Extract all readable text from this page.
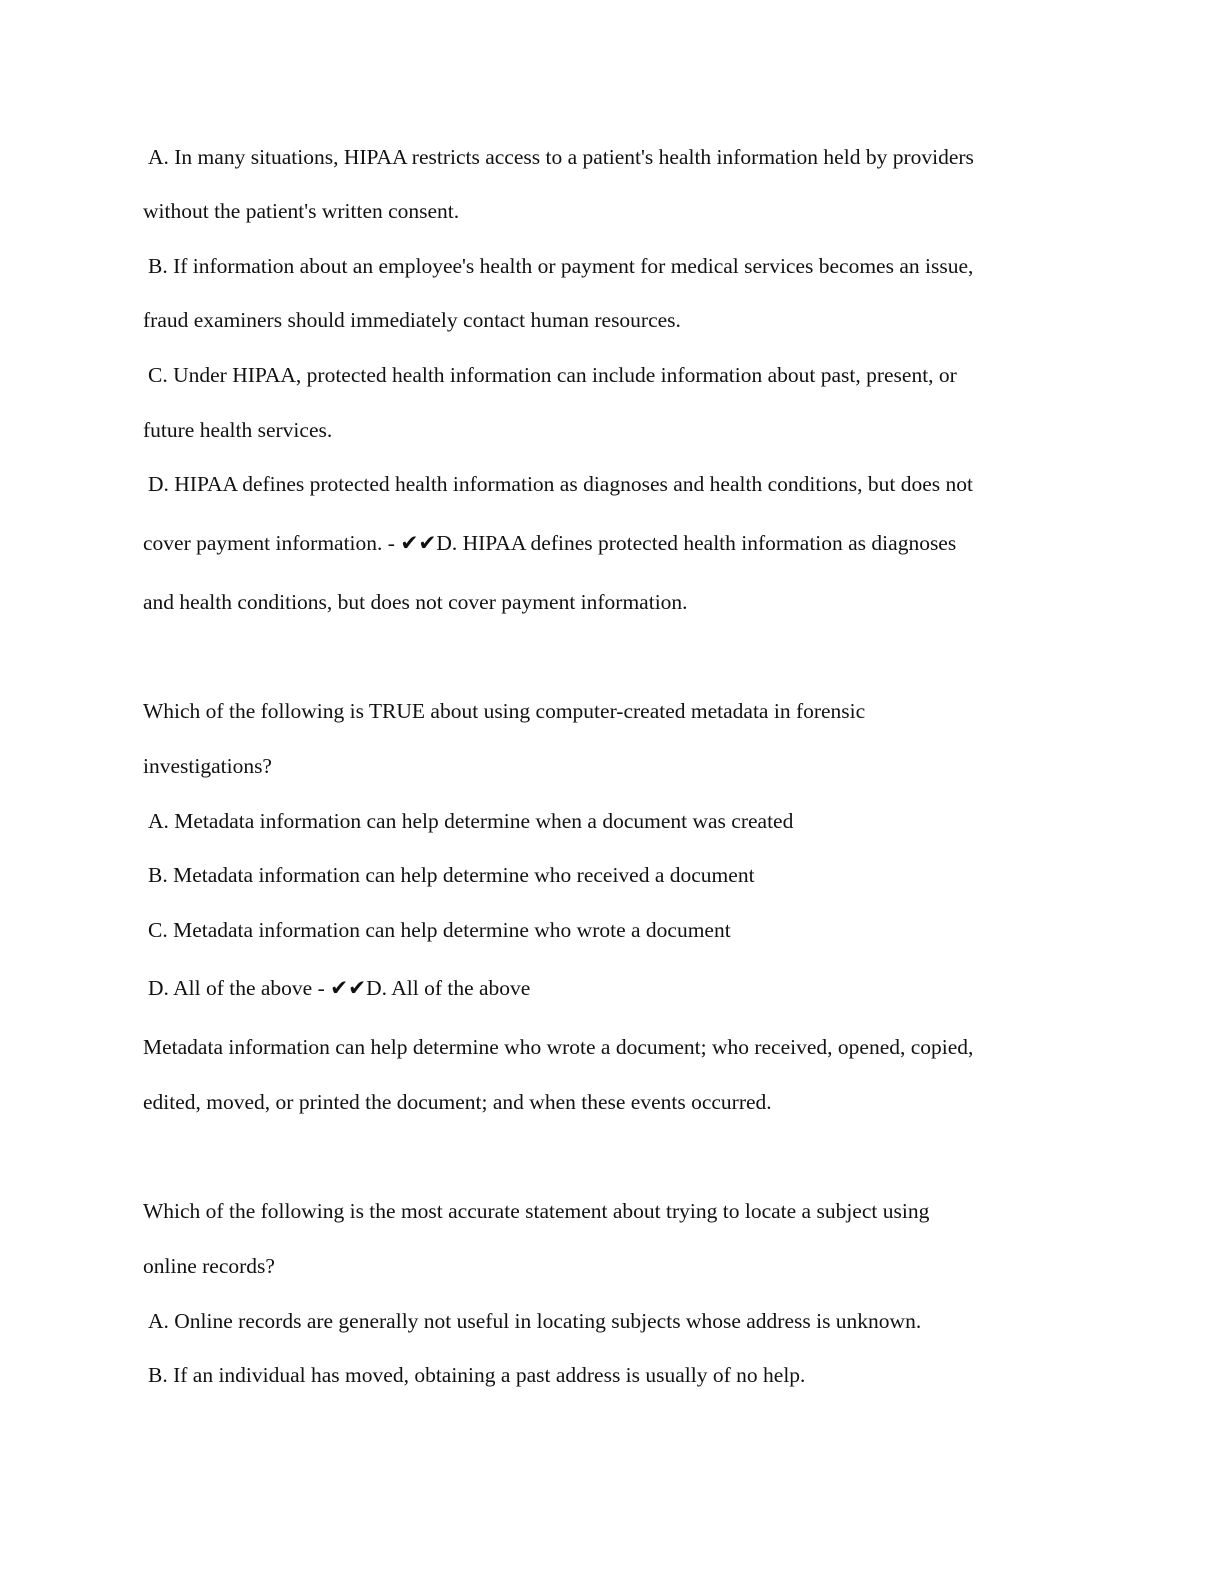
A. In many situations, HIPAA restricts access to a patient's health information held by providers
without the patient's written consent.
B. If information about an employee's health or payment for medical services becomes an issue,
fraud examiners should immediately contact human resources.
C. Under HIPAA, protected health information can include information about past, present, or
future health services.
D. HIPAA defines protected health information as diagnoses and health conditions, but does not
cover payment information. - ✔✔D. HIPAA defines protected health information as diagnoses
and health conditions, but does not cover payment information.
Which of the following is TRUE about using computer-created metadata in forensic
investigations?
A. Metadata information can help determine when a document was created
B. Metadata information can help determine who received a document
C. Metadata information can help determine who wrote a document
D. All of the above - ✔✔D. All of the above
Metadata information can help determine who wrote a document; who received, opened, copied,
edited, moved, or printed the document; and when these events occurred.
Which of the following is the most accurate statement about trying to locate a subject using
online records?
A. Online records are generally not useful in locating subjects whose address is unknown.
B. If an individual has moved, obtaining a past address is usually of no help.
